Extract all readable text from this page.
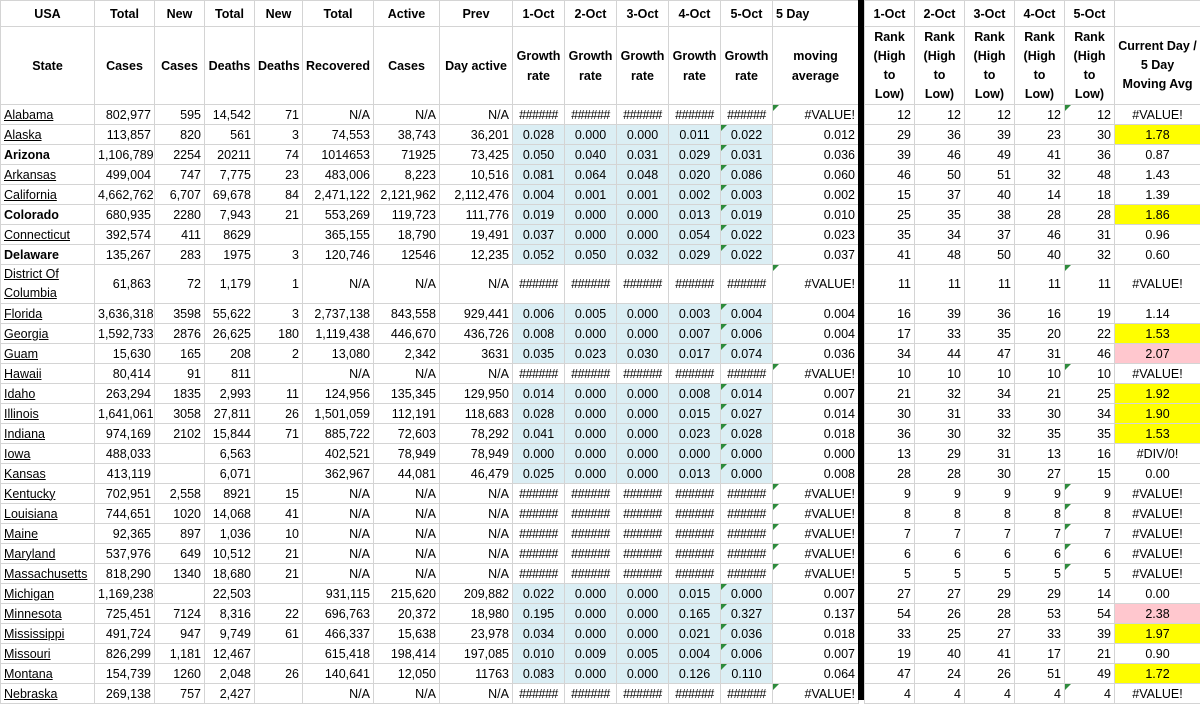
USA	Total	New	Total	New	Total	Active	Prev	1-Oct	2-Oct	3-Oct	4-Oct	5-Oct	5 Day
State	Cases	Cases	Deaths	Deaths	Recovered	Cases	Day active	Growth rate	Growth rate	Growth rate	Growth rate	Growth rate	moving average
Alabama	802,977	595	14,542	71	N/A	N/A	N/A	######	######	######	######	######	#VALUE!
Alaska	113,857	820	561	3	74,553	38,743	36,201	0.028	0.000	0.000	0.011	0.022	0.012
Arizona	1,106,789	2254	20211	74	1014653	71925	73,425	0.050	0.040	0.031	0.029	0.031	0.036
Arkansas	499,004	747	7,775	23	483,006	8,223	10,516	0.081	0.064	0.048	0.020	0.086	0.060
California	4,662,762	6,707	69,678	84	2,471,122	2,121,962	2,112,476	0.004	0.001	0.001	0.002	0.003	0.002
Colorado	680,935	2280	7,943	21	553,269	119,723	111,776	0.019	0.000	0.000	0.013	0.019	0.010
Connecticut	392,574	411	8629		365,155	18,790	19,491	0.037	0.000	0.000	0.054	0.022	0.023
Delaware	135,267	283	1975	3	120,746	12546	12,235	0.052	0.050	0.032	0.029	0.022	0.037
District Of Columbia	61,863	72	1,179	1	N/A	N/A	N/A	######	######	######	######	######	#VALUE!
Florida	3,636,318	3598	55,622	3	2,737,138	843,558	929,441	0.006	0.005	0.000	0.003	0.004	0.004
Georgia	1,592,733	2876	26,625	180	1,119,438	446,670	436,726	0.008	0.000	0.000	0.007	0.006	0.004
Guam	15,630	165	208	2	13,080	2,342	3631	0.035	0.023	0.030	0.017	0.074	0.036
Hawaii	80,414	91	811		N/A	N/A	N/A	######	######	######	######	######	#VALUE!
Idaho	263,294	1835	2,993	11	124,956	135,345	129,950	0.014	0.000	0.000	0.008	0.014	0.007
Illinois	1,641,061	3058	27,811	26	1,501,059	112,191	118,683	0.028	0.000	0.000	0.015	0.027	0.014
Indiana	974,169	2102	15,844	71	885,722	72,603	78,292	0.041	0.000	0.000	0.023	0.028	0.018
Iowa	488,033		6,563		402,521	78,949	78,949	0.000	0.000	0.000	0.000	0.000	0.000
Kansas	413,119		6,071		362,967	44,081	46,479	0.025	0.000	0.000	0.013	0.000	0.008
Kentucky	702,951	2,558	8921	15	N/A	N/A	N/A	######	######	######	######	######	#VALUE!
Louisiana	744,651	1020	14,068	41	N/A	N/A	N/A	######	######	######	######	######	#VALUE!
Maine	92,365	897	1,036	10	N/A	N/A	N/A	######	######	######	######	######	#VALUE!
Maryland	537,976	649	10,512	21	N/A	N/A	N/A	######	######	######	######	######	#VALUE!
Massachusetts	818,290	1340	18,680	21	N/A	N/A	N/A	######	######	######	######	######	#VALUE!
Michigan	1,169,238		22,503		931,115	215,620	209,882	0.022	0.000	0.000	0.015	0.000	0.007
Minnesota	725,451	7124	8,316	22	696,763	20,372	18,980	0.195	0.000	0.000	0.165	0.327	0.137
Mississippi	491,724	947	9,749	61	466,337	15,638	23,978	0.034	0.000	0.000	0.021	0.036	0.018
Missouri	826,299	1,181	12,467		615,418	198,414	197,085	0.010	0.009	0.005	0.004	0.006	0.007
Montana	154,739	1260	2,048	26	140,641	12,050	11763	0.083	0.000	0.000	0.126	0.110	0.064
Nebraska	269,138	757	2,427		N/A	N/A	N/A	######	######	######	######	######	#VALUE!
1-Oct	2-Oct	3-Oct	4-Oct	5-Oct	
Rank (High to Low)	Rank (High to Low)	Rank (High to Low)	Rank (High to Low)	Rank (High to Low)	Current Day / 5 Day Moving Avg
12	12	12	12	12	#VALUE!
29	36	39	23	30	1.78
39	46	49	41	36	0.87
46	50	51	32	48	1.43
15	37	40	14	18	1.39
25	35	38	28	28	1.86
35	34	37	46	31	0.96
41	48	50	40	32	0.60
11	11	11	11	11	#VALUE!
16	39	36	16	19	1.14
17	33	35	20	22	1.53
34	44	47	31	46	2.07
10	10	10	10	10	#VALUE!
21	32	34	21	25	1.92
30	31	33	30	34	1.90
36	30	32	35	35	1.53
13	29	31	13	16	#DIV/0!
28	28	30	27	15	0.00
9	9	9	9	9	#VALUE!
8	8	8	8	8	#VALUE!
7	7	7	7	7	#VALUE!
6	6	6	6	6	#VALUE!
5	5	5	5	5	#VALUE!
27	27	29	29	14	0.00
54	26	28	53	54	2.38
33	25	27	33	39	1.97
19	40	41	17	21	0.90
47	24	26	51	49	1.72
4	4	4	4	4	#VALUE!
